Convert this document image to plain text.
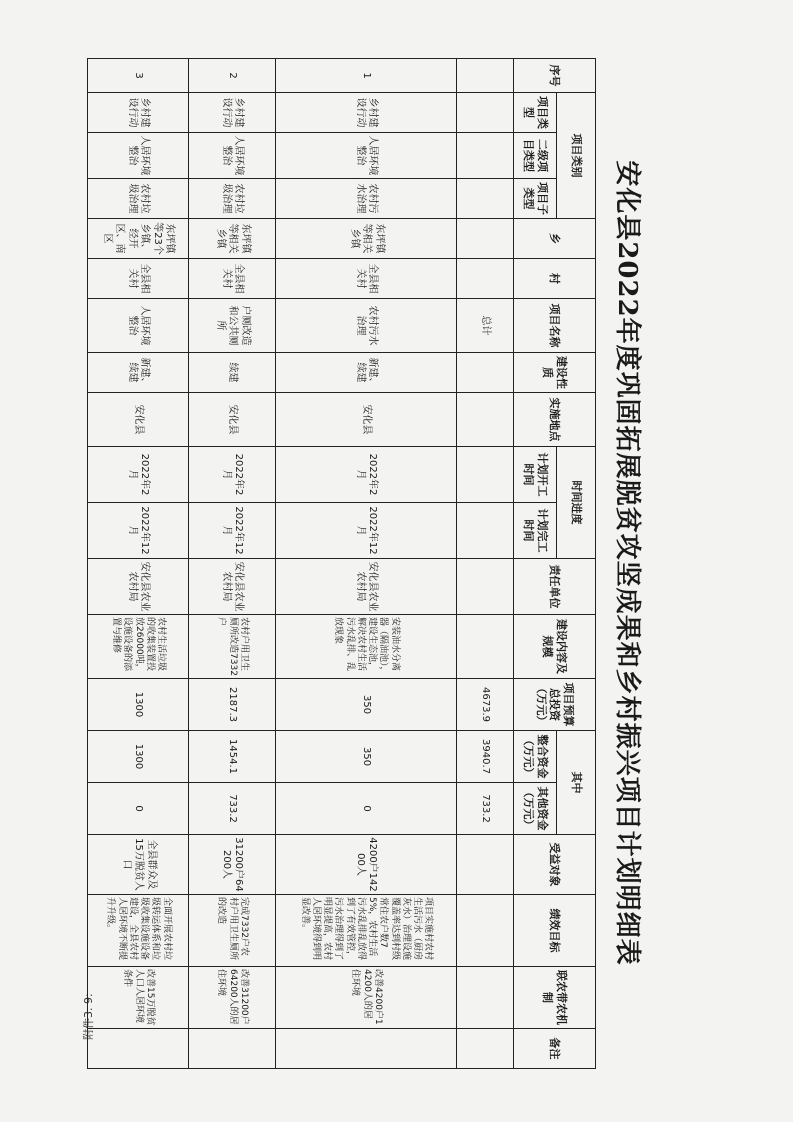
附件3. 9:
安化县2022年度巩固拓展脱贫攻坚成果和乡村振兴项目计划明细表
序号	项目类别			乡	村	项目名称	建设性质	实施地点	时间进度		责任单位	建设内容及规模	项目预算总投资（万元）	其中		受益对象	绩效目标	联农带农机制	备注
	项目类型	二级项目类型	项目子类型						计划开工时间	计划完工时间				整合资金（万元）	其他资金（万元）				

						总计							4673.9	3940.7	733.2				
1	乡村建设行动	人居环境整治	农村污水治理	东坪镇等相关乡镇	全县相关村	农村污水治理	新建、续建	安化县	2022年2月	2022年12月	安化县农业农村局	安装油水分离器（隔油池），建设生态池，解决农村生活污水乱排、乱放现象	350	350	0	4200户14200人	项目实施村农村生活污水（厨房灰水）治理设施覆盖率达到村级常住农户数75%，农村生活污水乱排乱放得到了有效管控，污水治理得到了明显提高，农村人居环境得到明显改善。	改善4200户14200人的居住环境	
2	乡村建设行动	人居环境整治	农村垃圾治理	东坪镇等相关乡镇	全县相关村	户厕改造和公共厕所	续建	安化县	2022年2月	2022年12月	安化县农业农村局	农村户用卫生厕所改造7332户	2187.3	1454.1	733.2	31200户64200人	完成7332户农村户用卫生厕所的改造	改善31200户64200人的居住环境	
3	乡村建设行动	人居环境整治	农村垃圾治理	东坪镇等23个乡镇、经开区、南区	全县相关村	人居环境整治	新建、续建	安化县	2022年2月	2022年12月	安化县农业农村局	农村生活垃圾的收集装置投放26000吨，设施设备的添置与维修	1300	1300	0	全县群众及15万脱贫人口	全面开展农村垃圾转运体系和垃圾收集设施设备建设，全县农村人居环境不断提升升级。	改善15万脱贫人口人居环境条件	
